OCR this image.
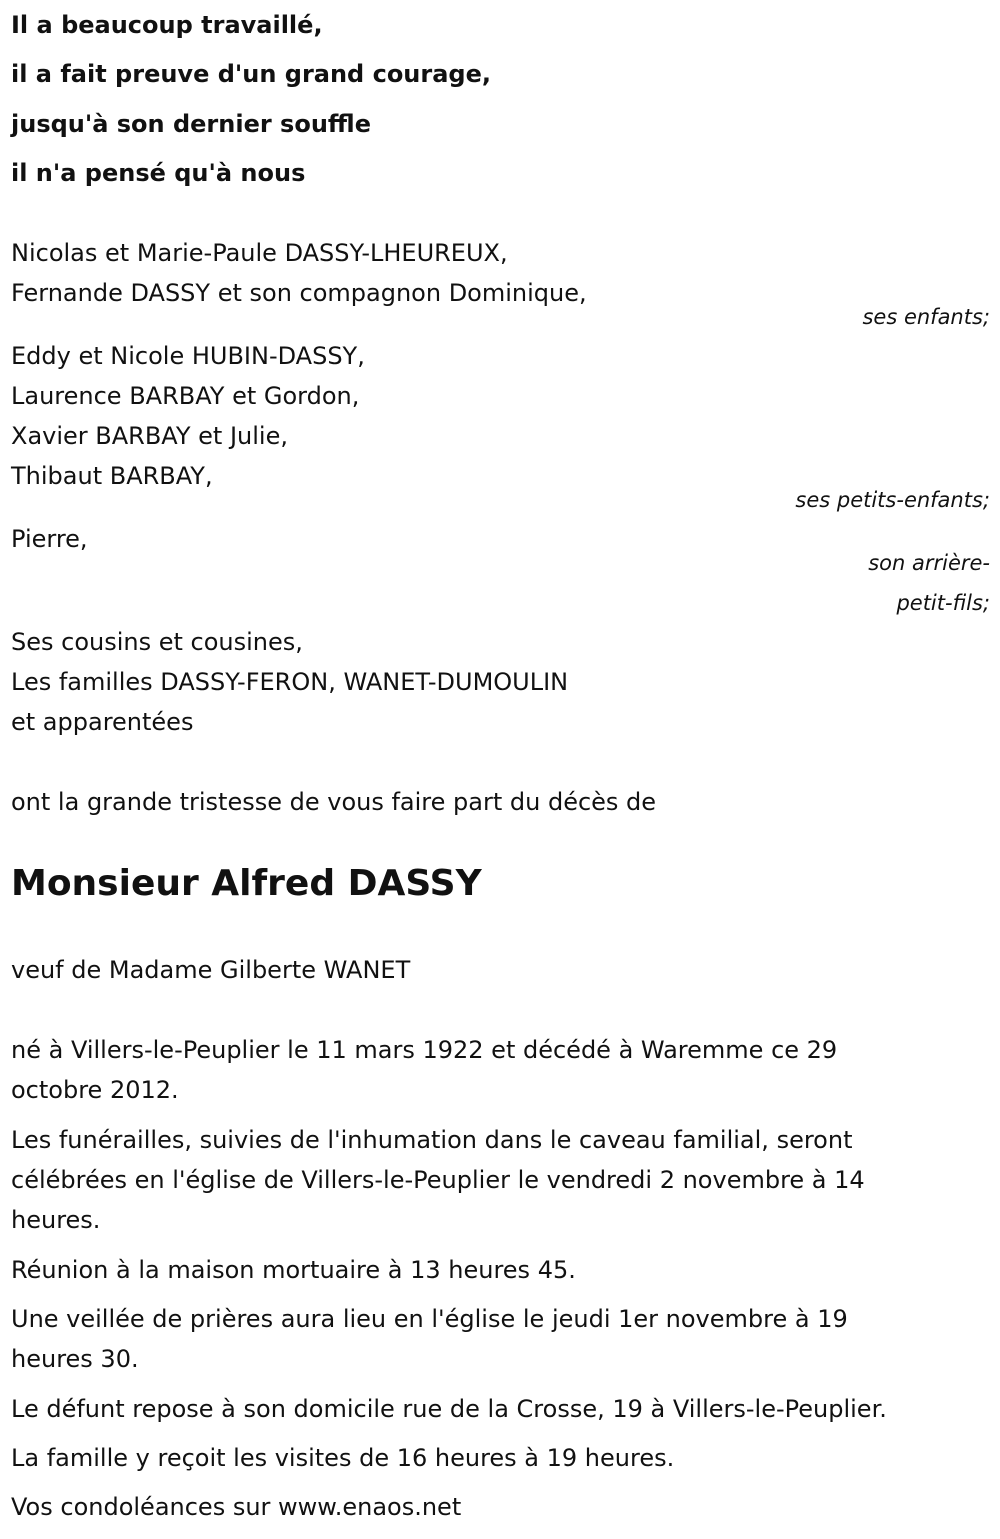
Il a beaucoup travaillé,
il a fait preuve d'un grand courage,
jusqu'à son dernier souffle
il n'a pensé qu'à nous
Nicolas et Marie-Paule DASSY-LHEUREUX,
Fernande DASSY et son compagnon Dominique,
ses enfants;
Eddy et Nicole HUBIN-DASSY,
Laurence BARBAY et Gordon,
Xavier BARBAY et Julie,
Thibaut BARBAY,
ses petits-enfants;
Pierre,
son arrière-
petit-fils;
Ses cousins et cousines,
Les familles DASSY-FERON, WANET-DUMOULIN
et apparentées
ont la grande tristesse de vous faire part du décès de
Monsieur Alfred DASSY
veuf de Madame Gilberte WANET
né à Villers-le-Peuplier le 11 mars 1922 et décédé à Waremme ce 29
octobre 2012.
Les funérailles, suivies de l'inhumation dans le caveau familial, seront
célébrées en l'église de Villers-le-Peuplier le vendredi 2 novembre à 14
heures.
Réunion à la maison mortuaire à 13 heures 45.
Une veillée de prières aura lieu en l'église le jeudi 1er novembre à 19
heures 30.
Le défunt repose à son domicile rue de la Crosse, 19 à Villers-le-Peuplier.
La famille y reçoit les visites de 16 heures à 19 heures.
Vos condoléances sur www.enaos.net
